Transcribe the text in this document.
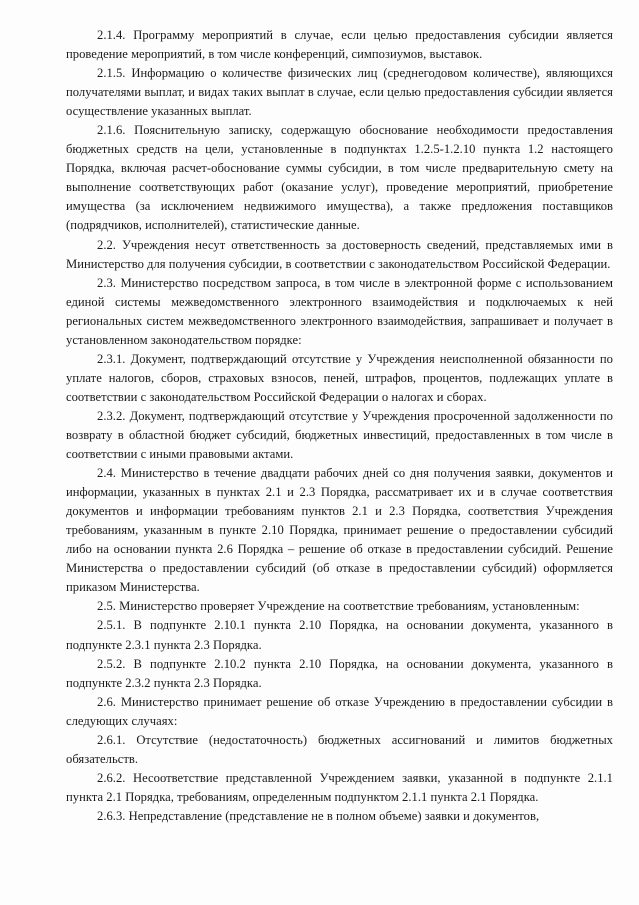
2.1.4. Программу мероприятий в случае, если целью предоставления субсидии является проведение мероприятий, в том числе конференций, симпозиумов, выставок.

2.1.5. Информацию о количестве физических лиц (среднегодовом количестве), являющихся получателями выплат, и видах таких выплат в случае, если целью предоставления субсидии является осуществление указанных выплат.

2.1.6. Пояснительную записку, содержащую обоснование необходимости предоставления бюджетных средств на цели, установленные в подпунктах 1.2.5-1.2.10 пункта 1.2 настоящего Порядка, включая расчет-обоснование суммы субсидии, в том числе предварительную смету на выполнение соответствующих работ (оказание услуг), проведение мероприятий, приобретение имущества (за исключением недвижимого имущества), а также предложения поставщиков (подрядчиков, исполнителей), статистические данные.

2.2. Учреждения несут ответственность за достоверность сведений, представляемых ими в Министерство для получения субсидии, в соответствии с законодательством Российской Федерации.

2.3. Министерство посредством запроса, в том числе в электронной форме с использованием единой системы межведомственного электронного взаимодействия и подключаемых к ней региональных систем межведомственного электронного взаимодействия, запрашивает и получает в установленном законодательством порядке:

2.3.1. Документ, подтверждающий отсутствие у Учреждения неисполненной обязанности по уплате налогов, сборов, страховых взносов, пеней, штрафов, процентов, подлежащих уплате в соответствии с законодательством Российской Федерации о налогах и сборах.

2.3.2. Документ, подтверждающий отсутствие у Учреждения просроченной задолженности по возврату в областной бюджет субсидий, бюджетных инвестиций, предоставленных в том числе в соответствии с иными правовыми актами.

2.4. Министерство в течение двадцати рабочих дней со дня получения заявки, документов и информации, указанных в пунктах 2.1 и 2.3 Порядка, рассматривает их и в случае соответствия документов и информации требованиям пунктов 2.1 и 2.3 Порядка, соответствия Учреждения требованиям, указанным в пункте 2.10 Порядка, принимает решение о предоставлении субсидий либо на основании пункта 2.6 Порядка – решение об отказе в предоставлении субсидий. Решение Министерства о предоставлении субсидий (об отказе в предоставлении субсидий) оформляется приказом Министерства.

2.5. Министерство проверяет Учреждение на соответствие требованиям, установленным:

2.5.1. В подпункте 2.10.1 пункта 2.10 Порядка, на основании документа, указанного в подпункте 2.3.1 пункта 2.3 Порядка.

2.5.2. В подпункте 2.10.2 пункта 2.10 Порядка, на основании документа, указанного в подпункте 2.3.2 пункта 2.3 Порядка.

2.6. Министерство принимает решение об отказе Учреждению в предоставлении субсидии в следующих случаях:

2.6.1. Отсутствие (недостаточность) бюджетных ассигнований и лимитов бюджетных обязательств.

2.6.2. Несоответствие представленной Учреждением заявки, указанной в подпункте 2.1.1 пункта 2.1 Порядка, требованиям, определенным подпунктом 2.1.1 пункта 2.1 Порядка.

2.6.3. Непредставление (представление не в полном объеме) заявки и документов,
